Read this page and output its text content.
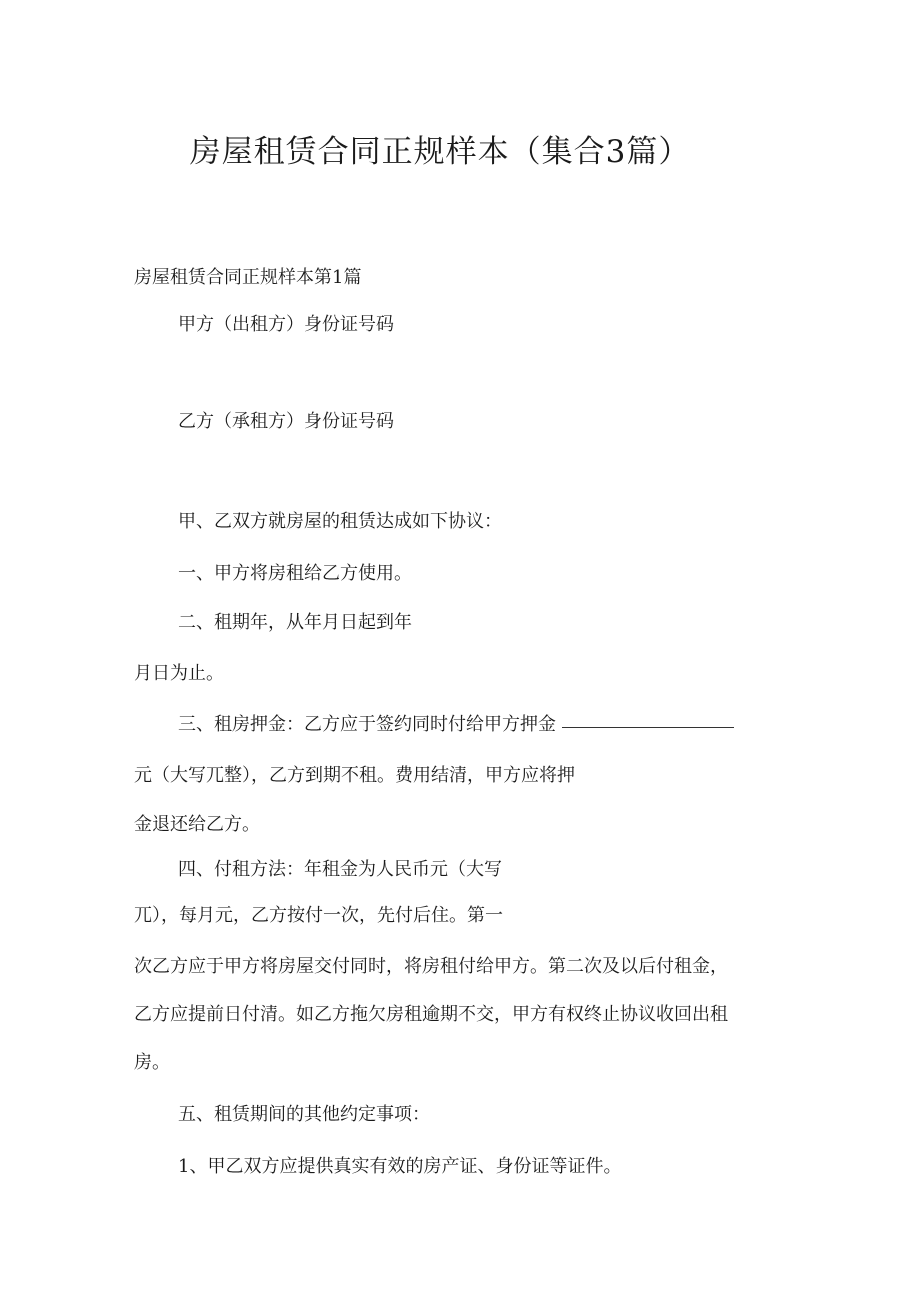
房屋租赁合同正规样本（集合3篇）
房屋租赁合同正规样本第1篇
甲方（出租方）身份证号码
乙方（承租方）身份证号码
甲、乙双方就房屋的租赁达成如下协议：
一、甲方将房租给乙方使用。
二、租期年，从年月日起到年
月日为止。
三、租房押金：乙方应于签约同时付给甲方押金
元（大写兀整），乙方到期不租。费用结清，甲方应将押
金退还给乙方。
四、付租方法：年租金为人民币元（大写
兀），每月元，乙方按付一次，先付后住。第一
次乙方应于甲方将房屋交付同时，将房租付给甲方。第二次及以后付租金，
乙方应提前日付清。如乙方拖欠房租逾期不交，甲方有权终止协议收回出租
房。
五、租赁期间的其他约定事项：
1、甲乙双方应提供真实有效的房产证、身份证等证件。
